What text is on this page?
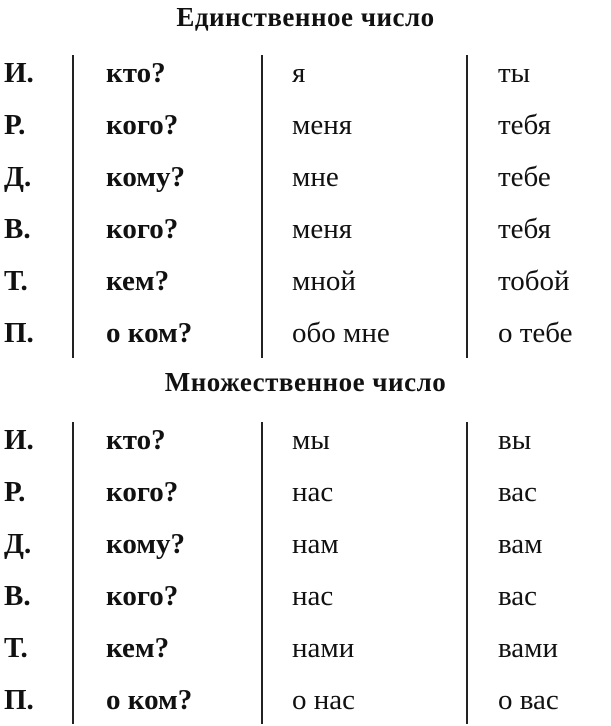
Единственное число
И. кто?	я	ты
Р.	кого?	меня	тебя
Д.	кому?	мне	тебе
В.	кого?	меня	тебя
Т.	кем?	мной	тобой
П. о ком?	обо мне	о тебе
Множественное число
И. кто?	мы	вы
Р.	кого?	нас	вас
Д.	кому?	нам	вам
В.	кого?	нас	вас
Т.	кем?	нами	вами
П. о ком?	о нас	о вас
